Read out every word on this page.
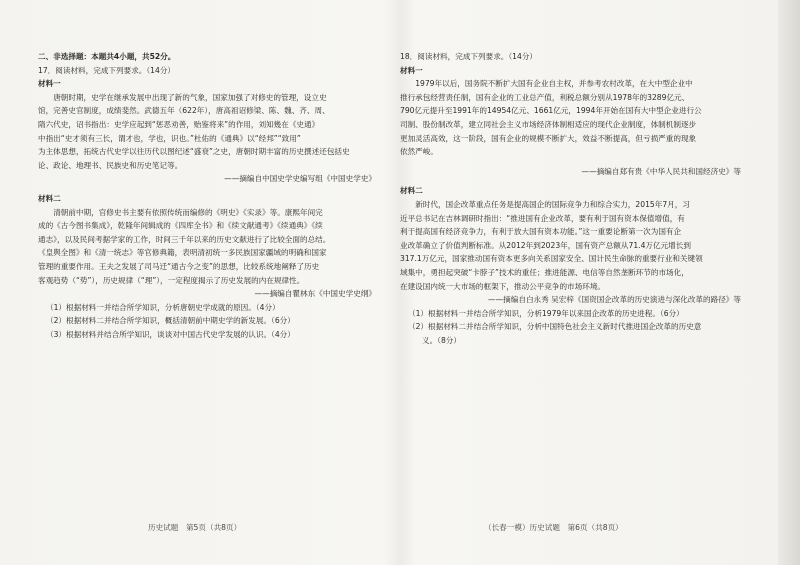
二、非选择题：本题共4小题，共52分。

17．阅读材料，完成下列要求。（14分）

材料一

唐朝时期，史学在继承发展中出现了新的气象，国家加强了对修史的管理，设立史

馆，完善史官制度，成绩斐然。武德五年（622年），唐高祖诏修梁、陈、魏、齐、周、

隋六代史，诏书指出：史学应起到“惩恶劝善，贻鉴将来”的作用，刘知幾在《史通》

中指出“史才须有三长，谓才也，学也，识也。”杜佑的《通典》以“经邦”“致用”

为主体思想，拓统古代史学以往历代以图纪述“盛衰”之史，唐朝时期丰富的历史撰述还包括史

论、政论、地理书、民族史和历史笔记等。

——摘编自中国史学史编写组《中国史学史》

材料二

清朝前中期，官修史书主要有依照传统而编修的《明史》《实录》等。康熙年间完

成的《古今图书集成》，乾隆年间辑成的《四库全书》和《续文献通考》《续通典》《续

通志》，以及民间考据学家的工作，时间三千年以来的历史文献进行了比较全面的总结。

《皇舆全图》和《清一统志》等官修典籍，表明清初统一多民族国家疆域的明确和国家

管理的重要作用。王夫之发展了司马迁“通古今之变”的思想，比较系统地阐释了历史

客观趋势（“势”），历史规律（“理”），一定程度揭示了历史发展的内在规律性。

——摘编自瞿林东《中国史学史纲》

（1）根据材料一并结合所学知识，分析唐朝史学成就的原因。（4分）

（2）根据材料二并结合所学知识，概括清朝前中期史学的新发展。（6分）

（3）根据材料并结合所学知识，谈谈对中国古代史学发展的认识。（4分）

18．阅读材料，完成下列要求。（14分）

材料一

1979年以后，国务院不断扩大国有企业自主权，并参考农村改革，在大中型企业中

推行承包经营责任制，国有企业的工业总产值，利税总额分别从1978年的3289亿元、

790亿元提升至1991年的14954亿元、1661亿元，1994年开始在国有大中型企业进行公

司制、股份制改革，建立同社会主义市场经济体制相适应的现代企业制度，体制机制逐步

更加灵活高效，这一阶段，国有企业的规模不断扩大，效益不断提高，但亏损严重的现象

依然严峻。

——摘编自郑有贵《中华人民共和国经济史》等

材料二

新时代，国企改革重点任务是提高国企的国际竞争力和综合实力，2015年7月，习

近平总书记在吉林调研时指出：“推进国有企业改革，要有利于国有资本保值增值，有

利于提高国有经济竞争力，有利于放大国有资本功能。”这一重要论断第一次为国有企

业改革确立了价值判断标准。从2012年到2023年，国有资产总额从71.4万亿元增长到

317.1万亿元，国家推动国有资本更多向关系国家安全、国计民生命脉的重要行业和关键领

域集中，勇担起突破“卡脖子”技术的重任；推进能源、电信等自然垄断环节的市场化，

在建设国内统一大市场的框架下，推动公平竞争的市场环境。

——摘编自白永秀 吴宏梓《国资国企改革的历史演进与深化改革的路径》等

（1）根据材料一并结合所学知识，分析1979年以来国企改革的历史进程。（6分）

（2）根据材料二并结合所学知识，分析中国特色社会主义新时代推进国企改革的历史意

义。（8分）

历史试题　第5页（共8页）	（长春一模）历史试题　第6页（共8页）
